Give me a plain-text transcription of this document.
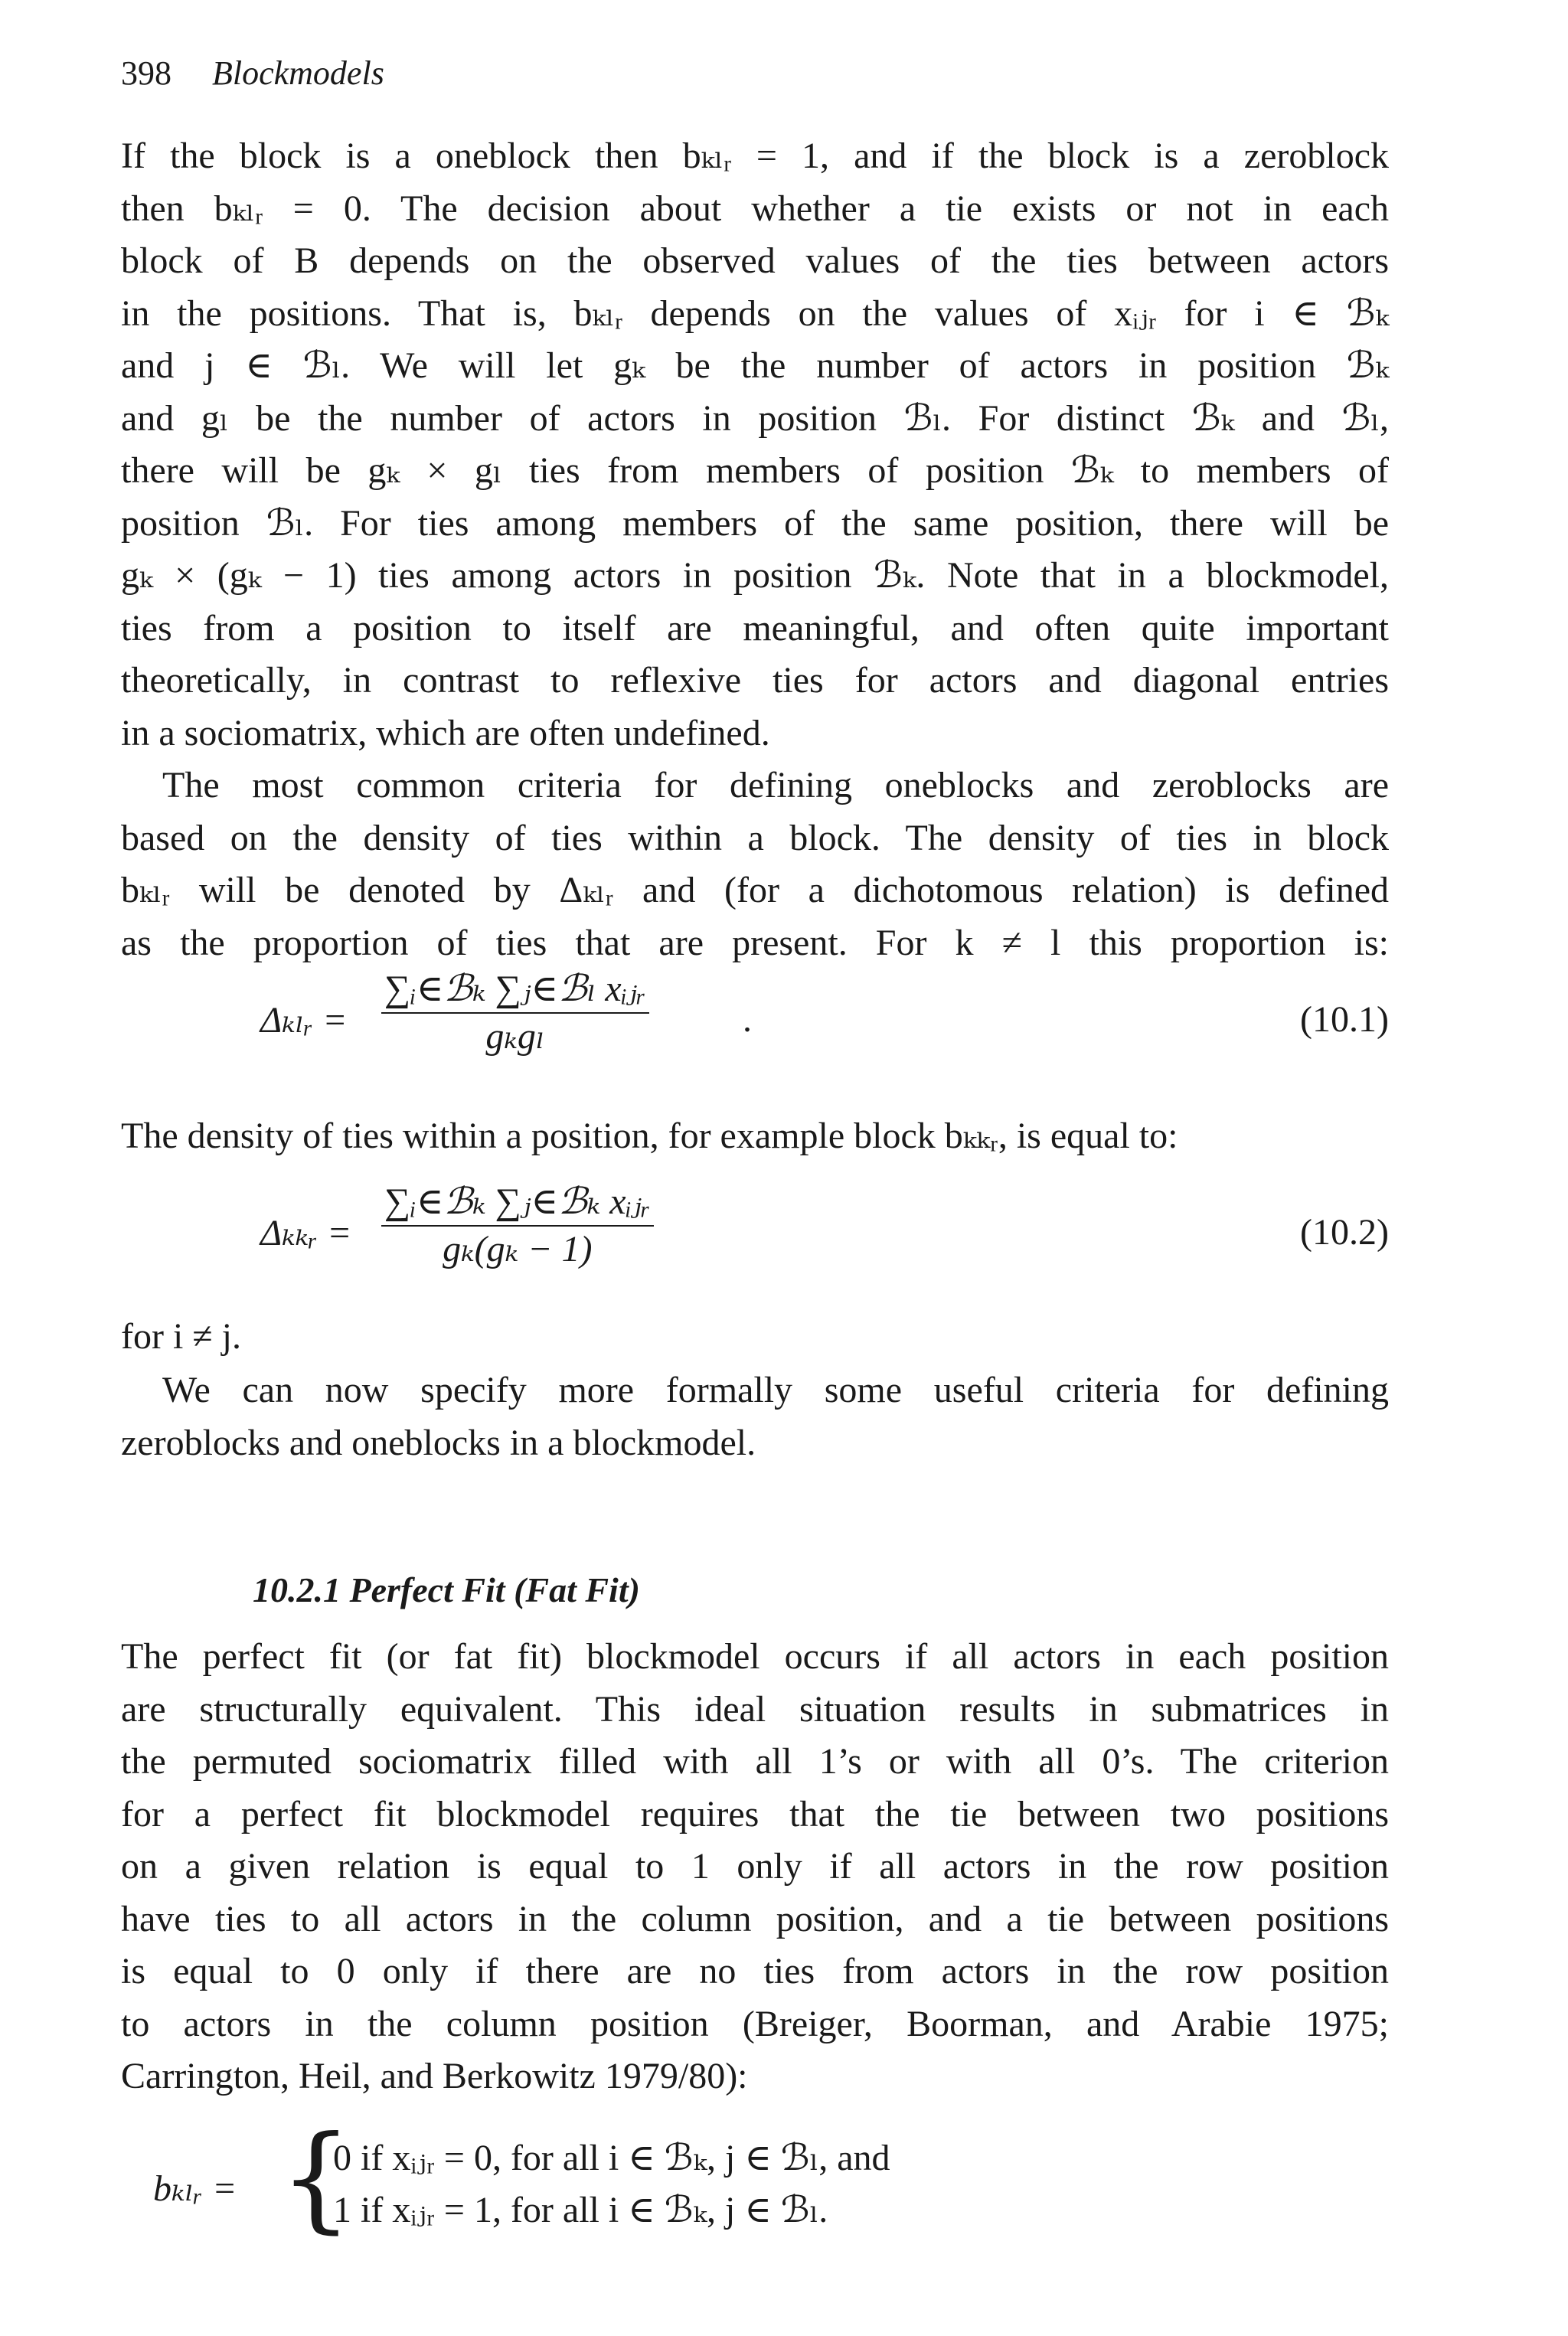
398 Blockmodels
If the block is a oneblock then bₖₗᵣ = 1, and if the block is a zeroblock
then bₖₗᵣ = 0. The decision about whether a tie exists or not in each
block of B depends on the observed values of the ties between actors
in the positions. That is, bₖₗᵣ depends on the values of xᵢⱼᵣ for i ∈ ℬₖ
and j ∈ ℬₗ. We will let gₖ be the number of actors in position ℬₖ
and gₗ be the number of actors in position ℬₗ. For distinct ℬₖ and ℬₗ,
there will be gₖ × gₗ ties from members of position ℬₖ to members of
position ℬₗ. For ties among members of the same position, there will be
gₖ × (gₖ − 1) ties among actors in position ℬₖ. Note that in a blockmodel,
ties from a position to itself are meaningful, and often quite important
theoretically, in contrast to reflexive ties for actors and diagonal entries
in a sociomatrix, which are often undefined.
The most common criteria for defining oneblocks and zeroblocks are
based on the density of ties within a block. The density of ties in block
bₖₗᵣ will be denoted by Δₖₗᵣ and (for a dichotomous relation) is defined
as the proportion of ties that are present. For k ≠ l this proportion is:
Δₖₗᵣ =
∑ᵢ∈ℬₖ ∑ⱼ∈ℬₗ xᵢⱼᵣ
gₖgₗ	.	(10.1)
The density of ties within a position, for example block bₖₖᵣ, is equal to:
Δₖₖᵣ =
∑ᵢ∈ℬₖ ∑ⱼ∈ℬₖ xᵢⱼᵣ
gₖ(gₖ − 1)	(10.2)
for i ≠ j.
We can now specify more formally some useful criteria for defining
zeroblocks and oneblocks in a blockmodel.
10.2.1 Perfect Fit (Fat Fit)
The perfect fit (or fat fit) blockmodel occurs if all actors in each position
are structurally equivalent. This ideal situation results in submatrices in
the permuted sociomatrix filled with all 1’s or with all 0’s. The criterion
for a perfect fit blockmodel requires that the tie between two positions
on a given relation is equal to 1 only if all actors in the row position
have ties to all actors in the column position, and a tie between positions
is equal to 0 only if there are no ties from actors in the row position
to actors in the column position (Breiger, Boorman, and Arabie 1975;
Carrington, Heil, and Berkowitz 1979/80):
bₖₗᵣ = {
0 if xᵢⱼᵣ = 0, for all i ∈ ℬₖ, j ∈ ℬₗ, and
1 if xᵢⱼᵣ = 1, for all i ∈ ℬₖ, j ∈ ℬₗ.
